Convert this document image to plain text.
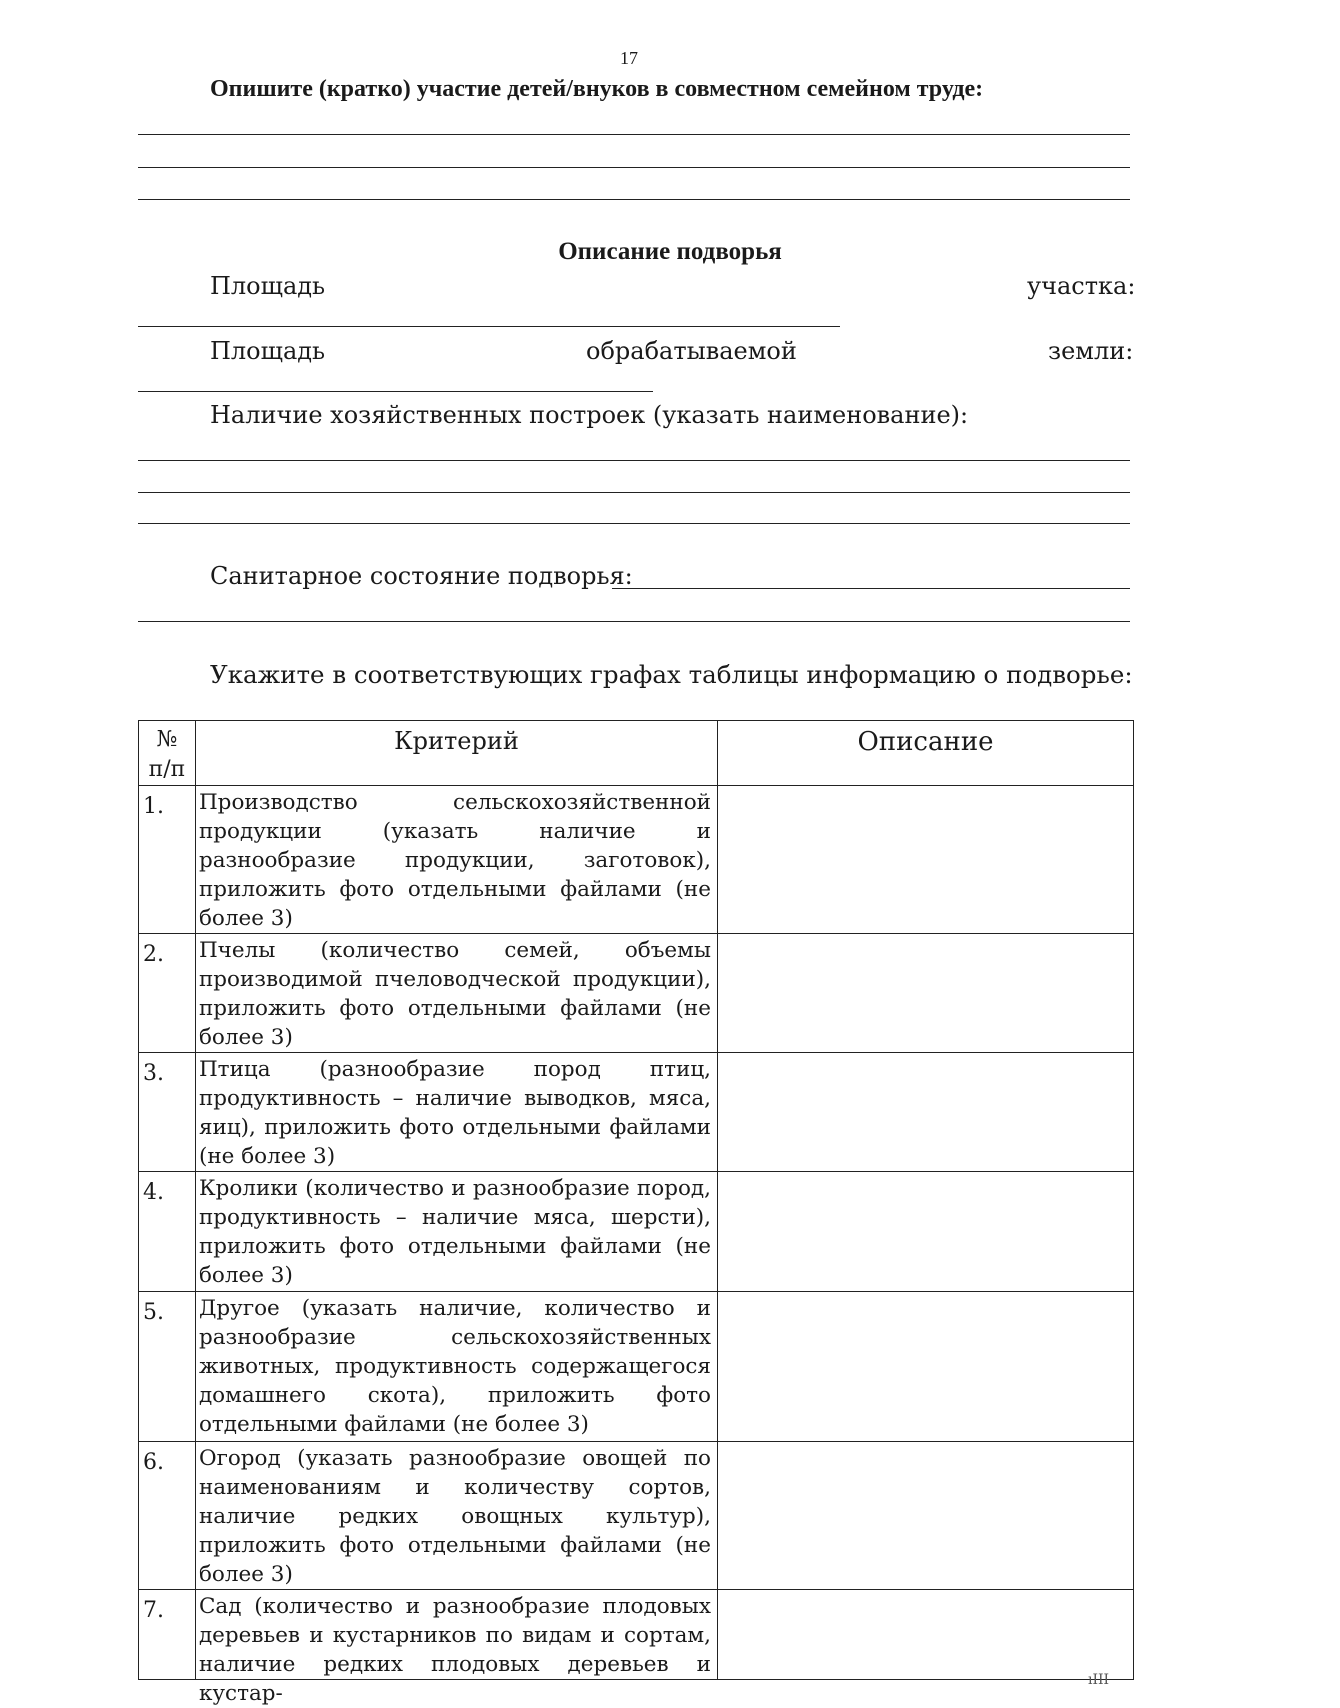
17
Опишите (кратко) участие детей/внуков в совместном семейном труде:
Описание подворья
Площадь	участка:
Площадь	обрабатываемой	земли:
Наличие хозяйственных построек (указать наименование):
Санитарное состояние подворья:
Укажите в соответствующих графах таблицы информацию о подворье:
№ п/п	Критерий	Описание

1.	Производство сельскохозяйственной продукции (указать наличие и разнообразие продукции, заготовок), приложить фото отдельными файлами (не более 3)	

2.	Пчелы (количество семей, объемы производимой пчеловодческой продукции), приложить фото отдельными файлами (не более 3)	

3.	Птица (разнообразие пород птиц, продуктивность – наличие выводков, мяса, яиц), приложить фото отдельными файлами (не более 3)	

4.	Кролики (количество и разнообразие пород, продуктивность – наличие мяса, шерсти), приложить фото отдельными файлами (не более 3)	

5.	Другое (указать наличие, количество и разнообразие сельскохозяйственных животных, продуктивность содержащегося домашнего скота), приложить фото отдельными файлами (не более 3)	

6.	Огород (указать разнообразие овощей по наименованиям и количеству сортов, наличие редких овощных культур), приложить фото отдельными файлами (не более 3)	

7.	Сад (количество и разнообразие плодовых деревьев и кустарников по видам и сортам, наличие редких плодовых деревьев и кустар-	

ıIII
